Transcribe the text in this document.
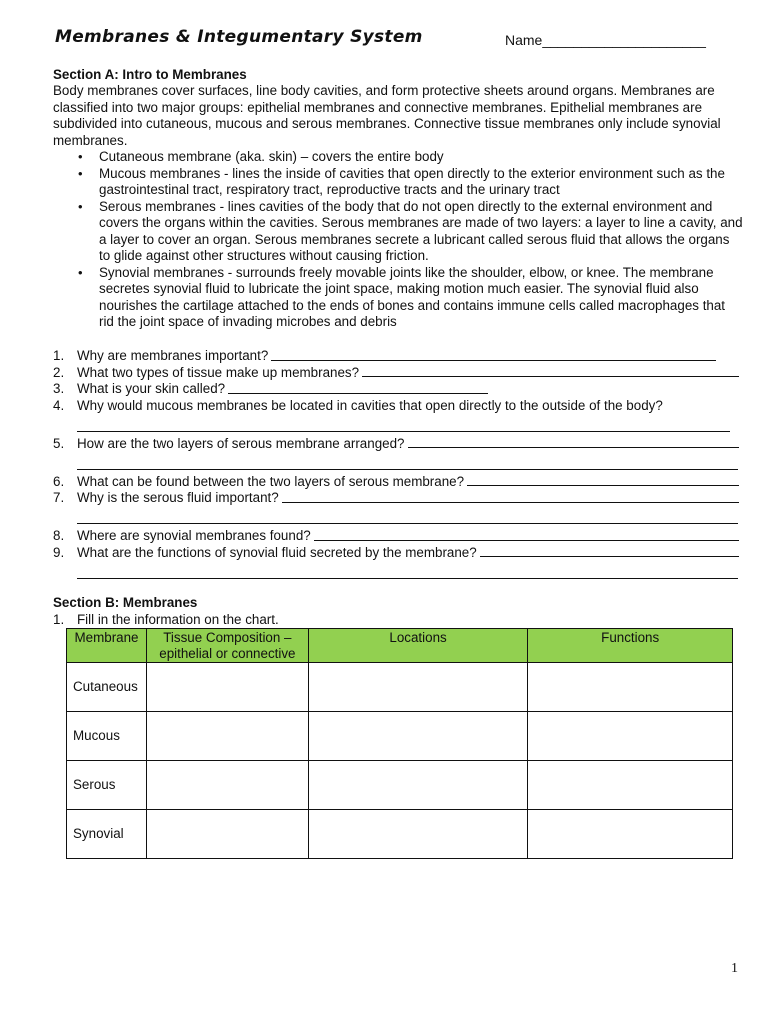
Membranes & Integumentary System	Name_____________________
Section A: Intro to Membranes
Body membranes cover surfaces, line body cavities, and form protective sheets around organs. Membranes are classified into two major groups: epithelial membranes and connective membranes. Epithelial membranes are subdivided into cutaneous, mucous and serous membranes. Connective tissue membranes only include synovial membranes.
• Cutaneous membrane (aka. skin) – covers the entire body
• Mucous membranes - lines the inside of cavities that open directly to the exterior environment such as the gastrointestinal tract, respiratory tract, reproductive tracts and the urinary tract
• Serous membranes - lines cavities of the body that do not open directly to the external environment and covers the organs within the cavities. Serous membranes are made of two layers: a layer to line a cavity, and a layer to cover an organ. Serous membranes secrete a lubricant called serous fluid that allows the organs to glide against other structures without causing friction.
• Synovial membranes - surrounds freely movable joints like the shoulder, elbow, or knee. The membrane secretes synovial fluid to lubricate the joint space, making motion much easier. The synovial fluid also nourishes the cartilage attached to the ends of bones and contains immune cells called macrophages that rid the joint space of invading microbes and debris
1. Why are membranes important?
2. What two types of tissue make up membranes?
3. What is your skin called?
4. Why would mucous membranes be located in cavities that open directly to the outside of the body?
5. How are the two layers of serous membrane arranged?
6. What can be found between the two layers of serous membrane?
7. Why is the serous fluid important?
8. Where are synovial membranes found?
9. What are the functions of synovial fluid secreted by the membrane?
Section B: Membranes
1. Fill in the information on the chart.
Membrane	Tissue Composition – epithelial or connective	Locations	Functions
Cutaneous			
Mucous			
Serous			
Synovial			
1
